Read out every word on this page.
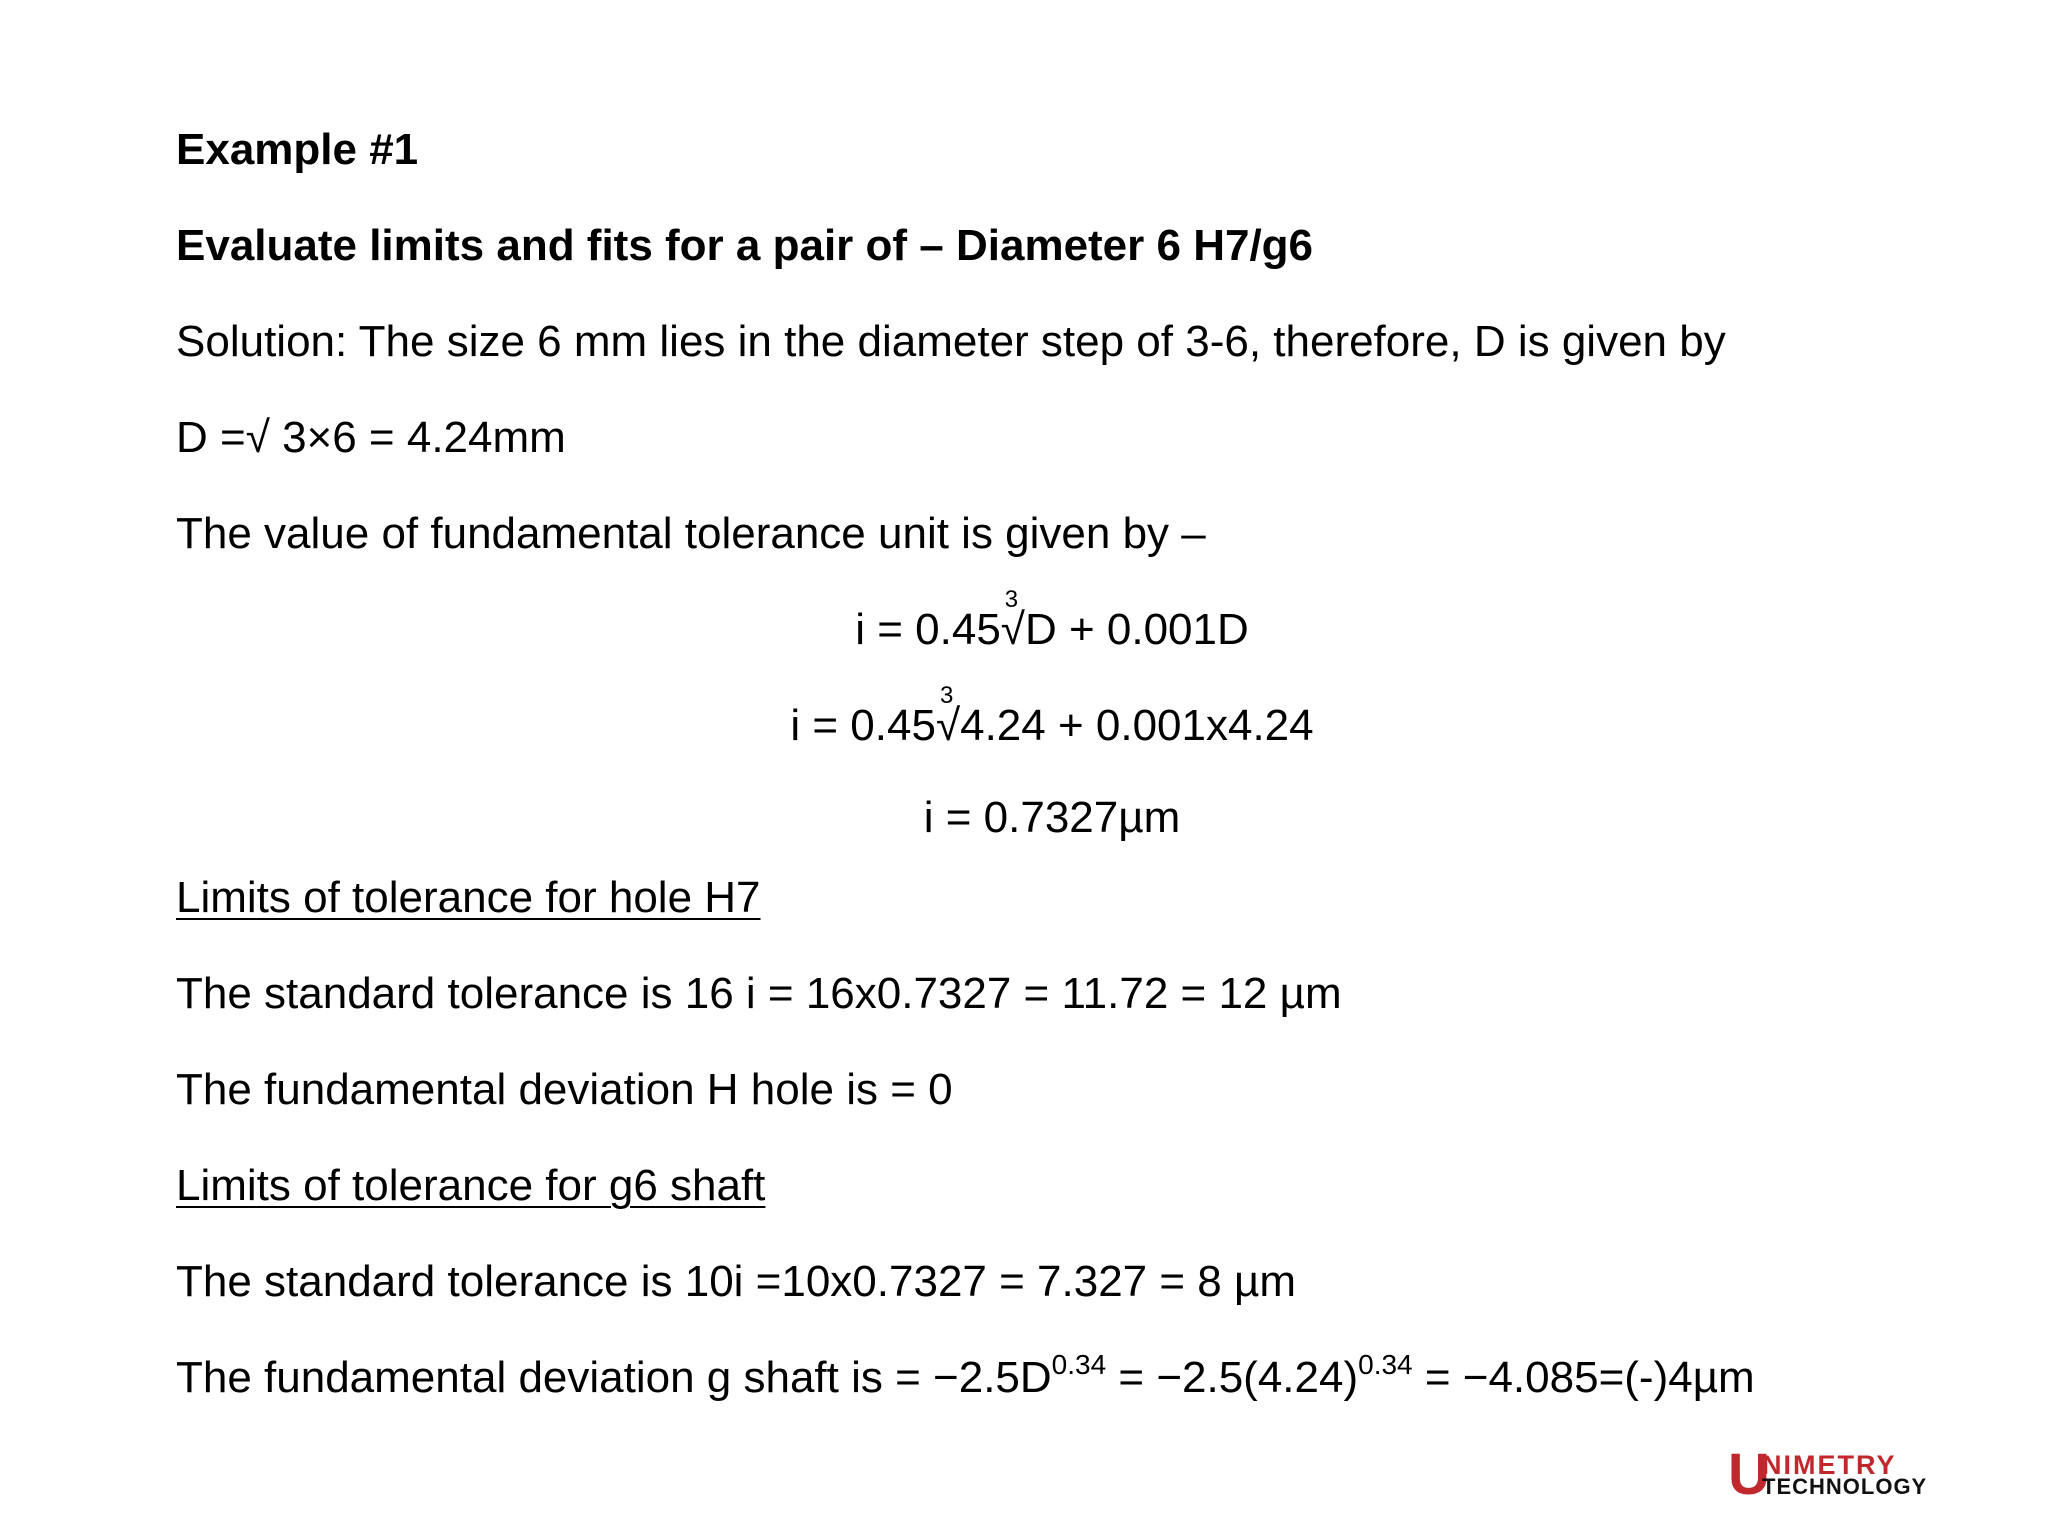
Example #1
Evaluate limits and fits for a pair of – Diameter 6 H7/g6
Solution: The size 6 mm lies in the diameter step of 3-6, therefore, D is given by
D =√ 3×6 = 4.24mm
The value of fundamental tolerance unit is given by –
i = 0.45
3
√D + 0.001D
i = 0.45
3
√4.24 + 0.001x4.24
i = 0.7327µm
Limits of tolerance for hole H7
The standard tolerance is 16 i = 16x0.7327 = 11.72 = 12 µm
The fundamental deviation H hole is = 0
Limits of tolerance for g6 shaft
The standard tolerance is 10i =10x0.7327 = 7.327 = 8 µm
The fundamental deviation g shaft is = $-2.5D^{0.34} = -2.5(4.24)^{0.34} = -4.085=(-)4\mu m$
U
NIMETRY
TECHNOLOGY
